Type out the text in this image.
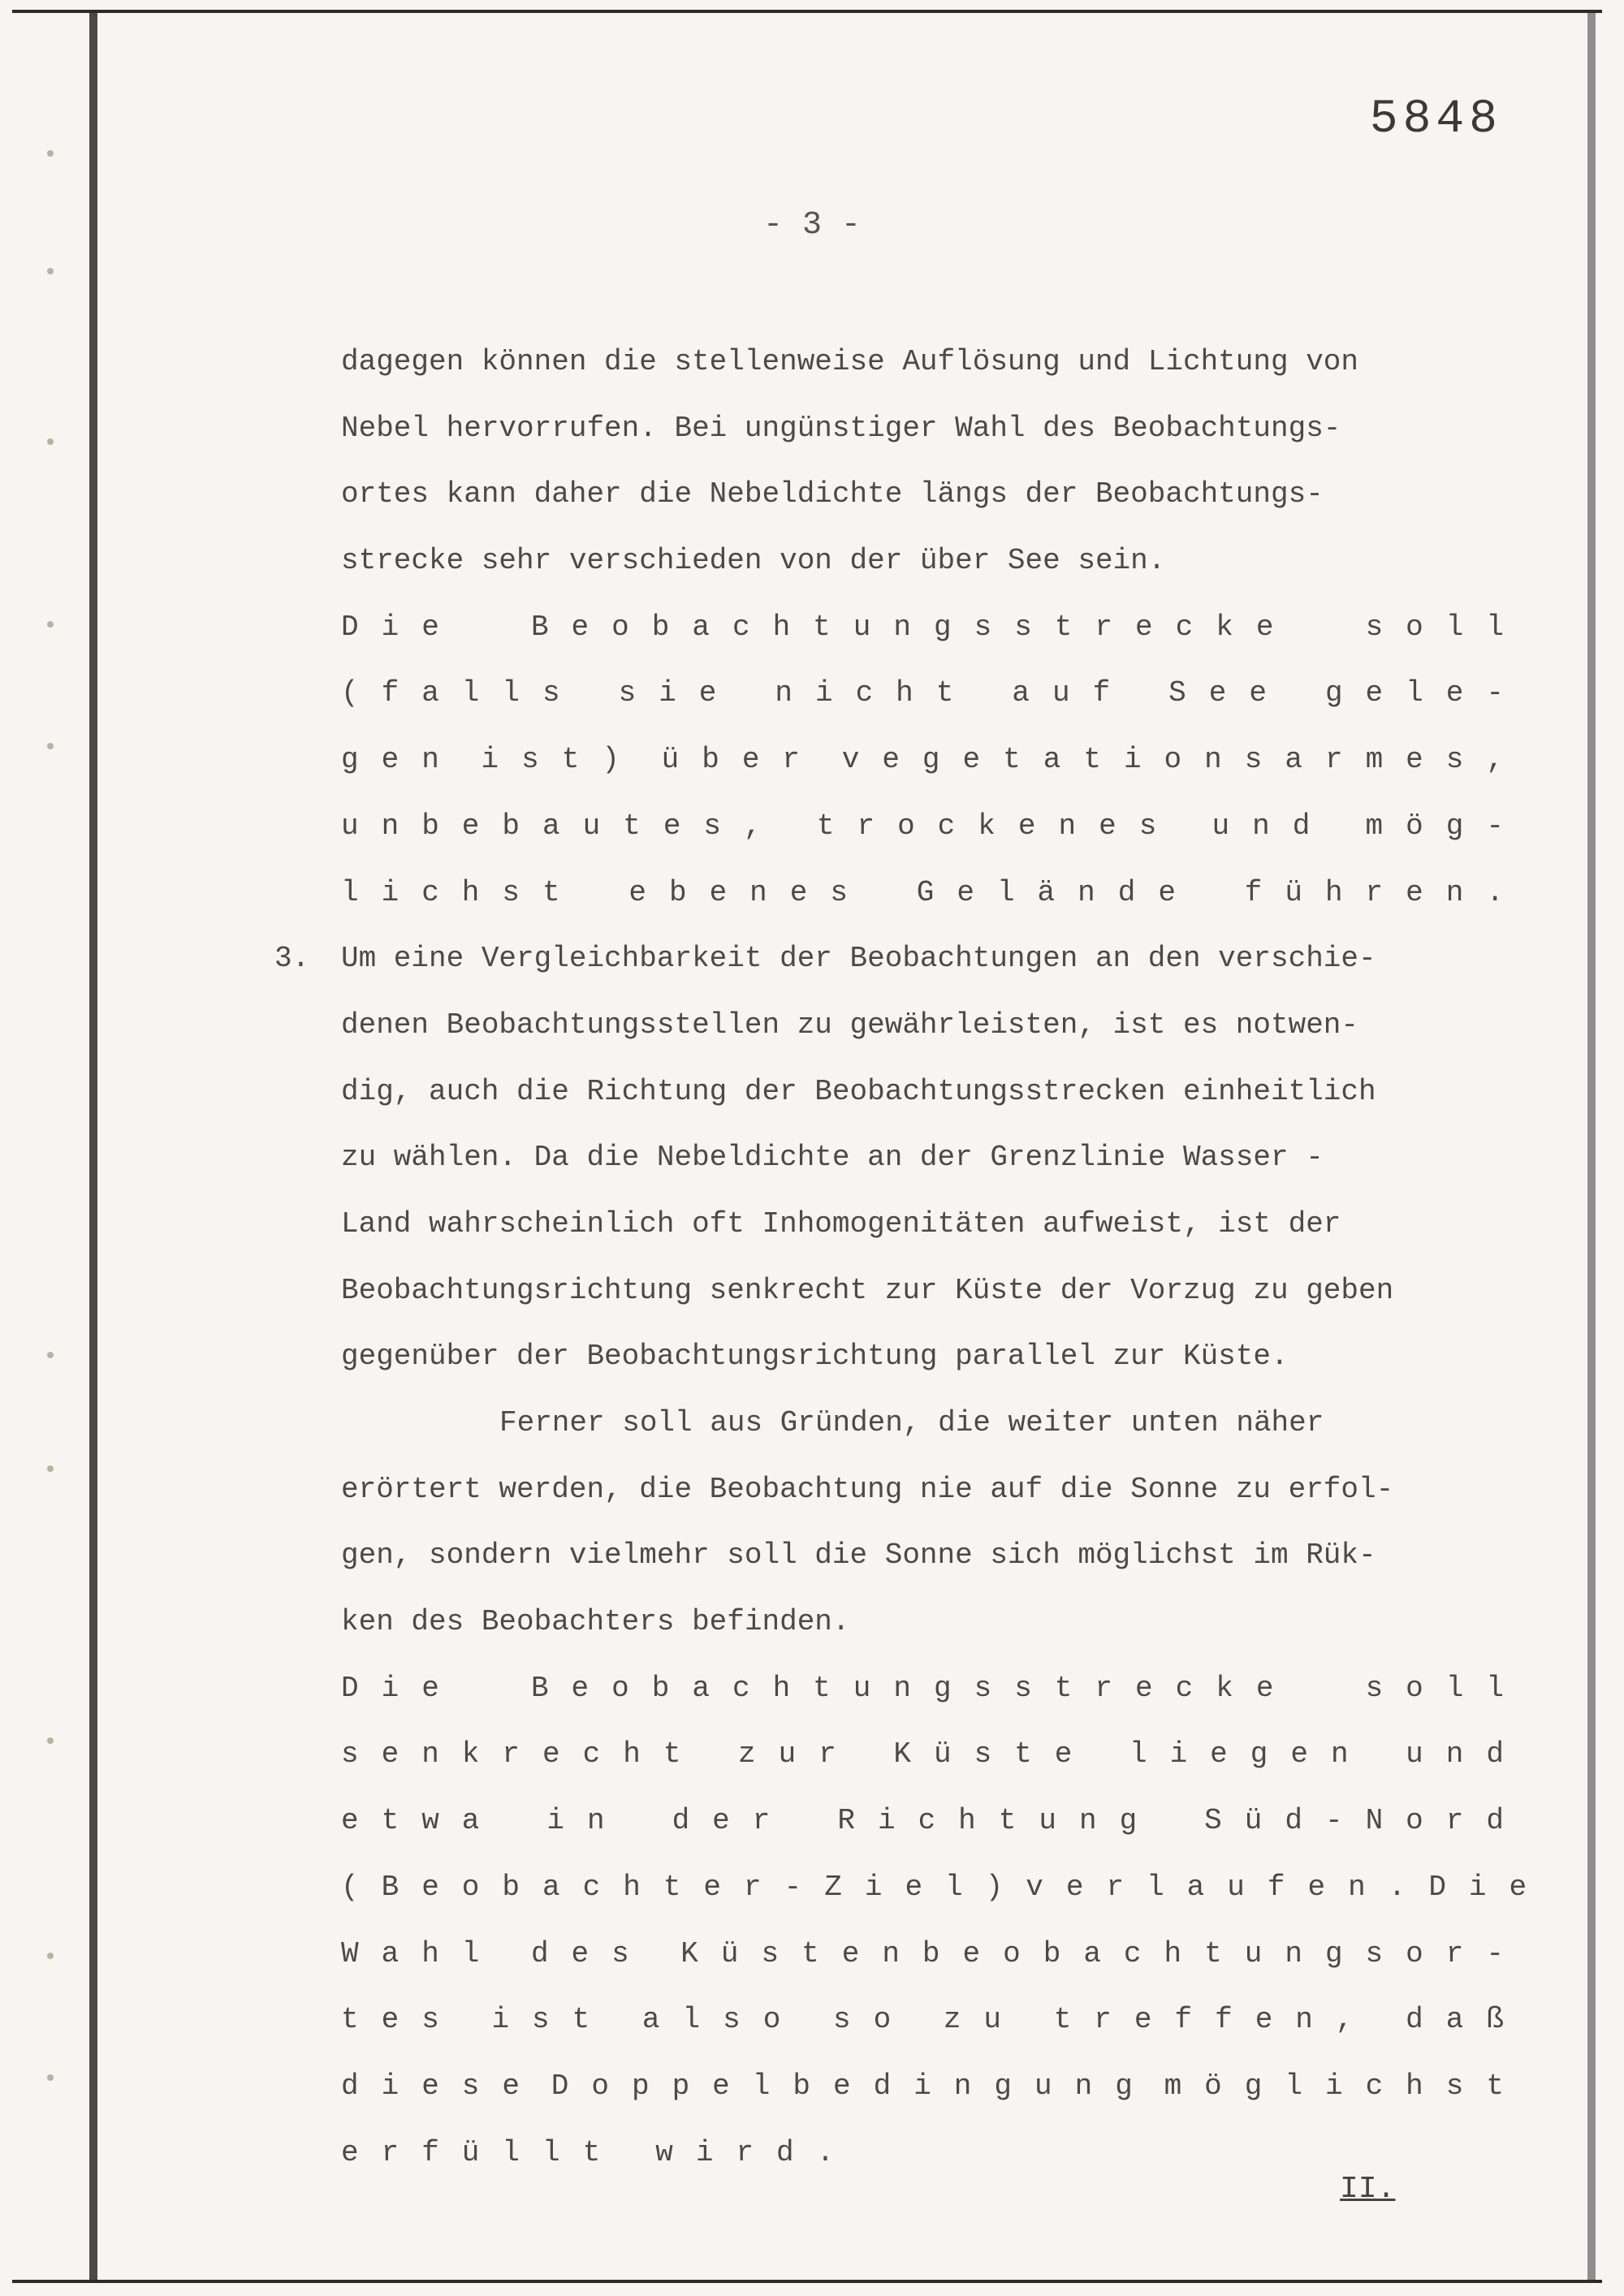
5848
- 3 -
dagegen können die stellenweise Auflösung und Lichtung von
Nebel hervorrufen. Bei ungünstiger Wahl des Beobachtungs-
ortes kann daher die Nebeldichte längs der Beobachtungs-
strecke sehr verschieden von der über See sein.
Die Beobachtungsstrecke soll
(falls sie nicht auf See gele-
gen ist) über vegetationsarmes,
unbebautes, trockenes und mög-
lichst ebenes Gelände führen.
3. Um eine Vergleichbarkeit der Beobachtungen an den verschie-
denen Beobachtungsstellen zu gewährleisten, ist es notwen-
dig, auch die Richtung der Beobachtungsstrecken einheitlich
zu wählen. Da die Nebeldichte an der Grenzlinie Wasser -
Land wahrscheinlich oft Inhomogenitäten aufweist, ist der
Beobachtungsrichtung senkrecht zur Küste der Vorzug zu geben
gegenüber der Beobachtungsrichtung parallel zur Küste.
Ferner soll aus Gründen, die weiter unten näher
erörtert werden, die Beobachtung nie auf die Sonne zu erfol-
gen, sondern vielmehr soll die Sonne sich möglichst im Rük-
ken des Beobachters befinden.
Die Beobachtungsstrecke soll
senkrecht zur Küste liegen und
etwa in der Richtung Süd-Nord
(Beobachter-Ziel) verlaufen. Die
Wahl des Küstenbeobachtungsor-
tes ist also so zu treffen, daß
diese Doppelbedingung möglichst
erfüllt wird.
II.
